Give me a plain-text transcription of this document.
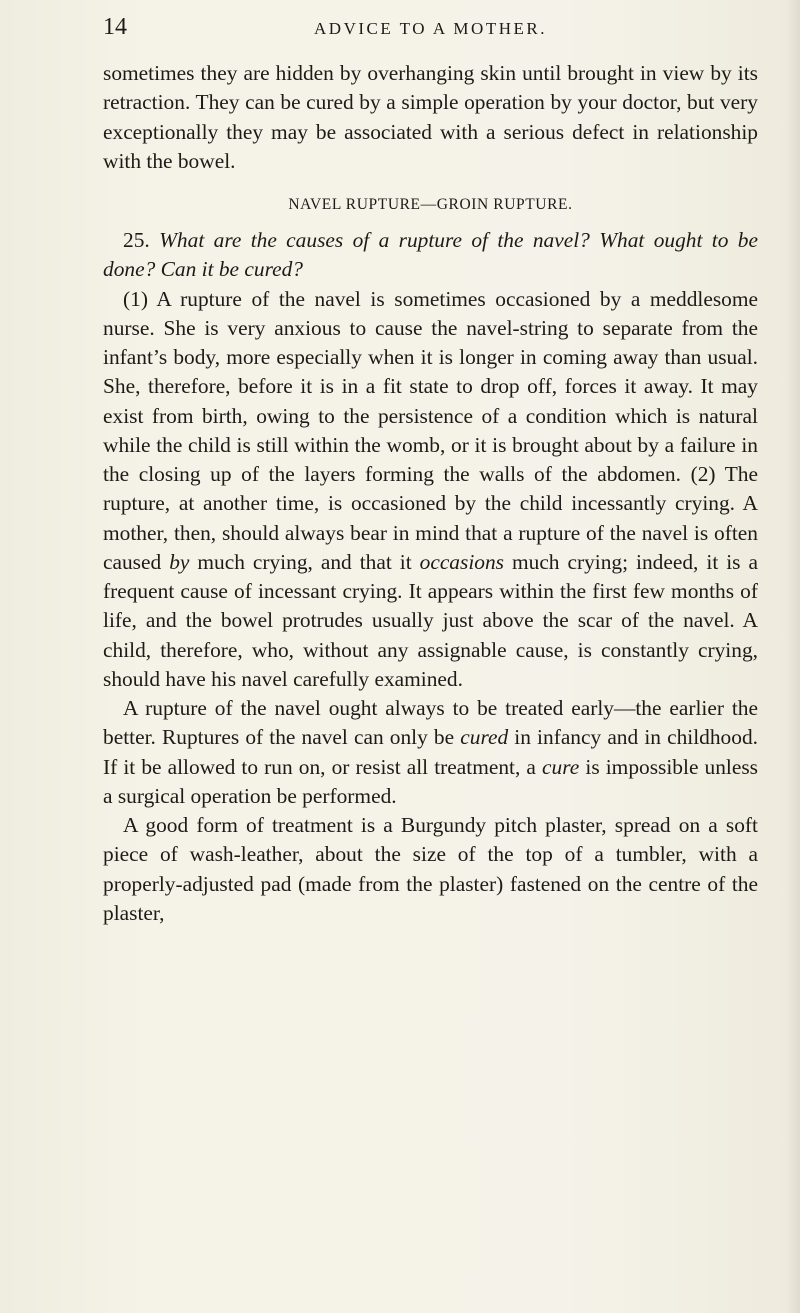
14	ADVICE TO A MOTHER.

sometimes they are hidden by overhanging skin until brought in view by its retraction. They can be cured by a simple operation by your doctor, but very exceptionally they may be associated with a serious defect in relationship with the bowel.

NAVEL RUPTURE—GROIN RUPTURE.

25. What are the causes of a rupture of the navel? What ought to be done? Can it be cured?

(1) A rupture of the navel is sometimes occasioned by a meddlesome nurse. She is very anxious to cause the navel-string to separate from the infant’s body, more especially when it is longer in coming away than usual. She, therefore, before it is in a fit state to drop off, forces it away. It may exist from birth, owing to the persistence of a condition which is natural while the child is still within the womb, or it is brought about by a failure in the closing up of the layers forming the walls of the abdomen. (2) The rupture, at another time, is occasioned by the child incessantly crying. A mother, then, should always bear in mind that a rupture of the navel is often caused by much crying, and that it occasions much crying; indeed, it is a frequent cause of incessant crying. It appears within the first few months of life, and the bowel protrudes usually just above the scar of the navel. A child, therefore, who, without any assignable cause, is constantly crying, should have his navel carefully examined.

A rupture of the navel ought always to be treated early—the earlier the better. Ruptures of the navel can only be cured in infancy and in childhood. If it be allowed to run on, or resist all treatment, a cure is impossible unless a surgical operation be performed.

A good form of treatment is a Burgundy pitch plaster, spread on a soft piece of wash-leather, about the size of the top of a tumbler, with a properly-adjusted pad (made from the plaster) fastened on the centre of the plaster,
